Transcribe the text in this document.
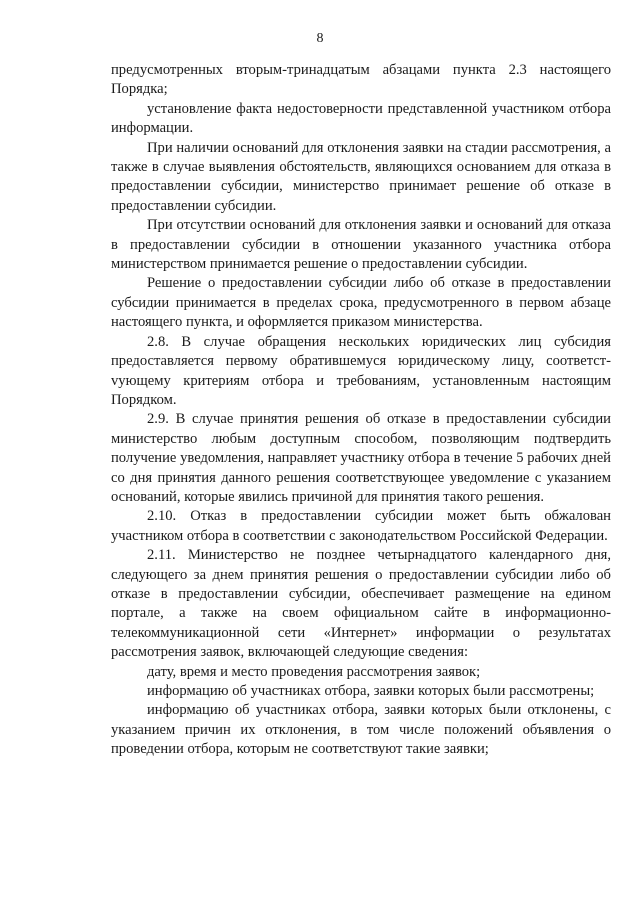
8

предусмотренных вторым-тринадцатым абзацами пункта 2.3 настоящего Порядка;

установление факта недостоверности представленной участником отбора информации.

При наличии оснований для отклонения заявки на стадии рассмотрения, а также в случае выявления обстоятельств, являющихся основанием для отказа в предоставлении субсидии, министерство принимает решение об отказе в предоставлении субсидии.

При отсутствии оснований для отклонения заявки и оснований для отказа в предоставлении субсидии в отношении указанного участника отбора министерством принимается решение о предоставлении субсидии.

Решение о предоставлении субсидии либо об отказе в предоставлении субсидии принимается в пределах срока, предусмотренного в первом абзаце настоящего пункта, и оформляется приказом министерства.

2.8. В случае обращения нескольких юридических лиц субсидия предоставляется первому обратившемуся юридическому лицу, соответстvующему критериям отбора и требованиям, установленным настоящим Порядком.

2.9. В случае принятия решения об отказе в предоставлении субсидии министерство любым доступным способом, позволяющим подтвердить получение уведомления, направляет участнику отбора в течение 5 рабочих дней со дня принятия данного решения соответствующее уведомление с указанием оснований, которые явились причиной для принятия такого решения.

2.10. Отказ в предоставлении субсидии может быть обжалован участником отбора в соответствии с законодательством Российской Федерации.

2.11. Министерство не позднее четырнадцатого календарного дня, следующего за днем принятия решения о предоставлении субсидии либо об отказе в предоставлении субсидии, обеспечивает размещение на едином портале, а также на своем официальном сайте в информационнотелекоммуникационной сети «Интернет» информации о результатах рассмотрения заявок, включающей следующие сведения:

дату, время и место проведения рассмотрения заявок;

информацию об участниках отбора, заявки которых были рассмотрены;

информацию об участниках отбора, заявки которых были отклонены, с указанием причин их отклонения, в том числе положений объявления о проведении отбора, которым не соответствуют такие заявки;
